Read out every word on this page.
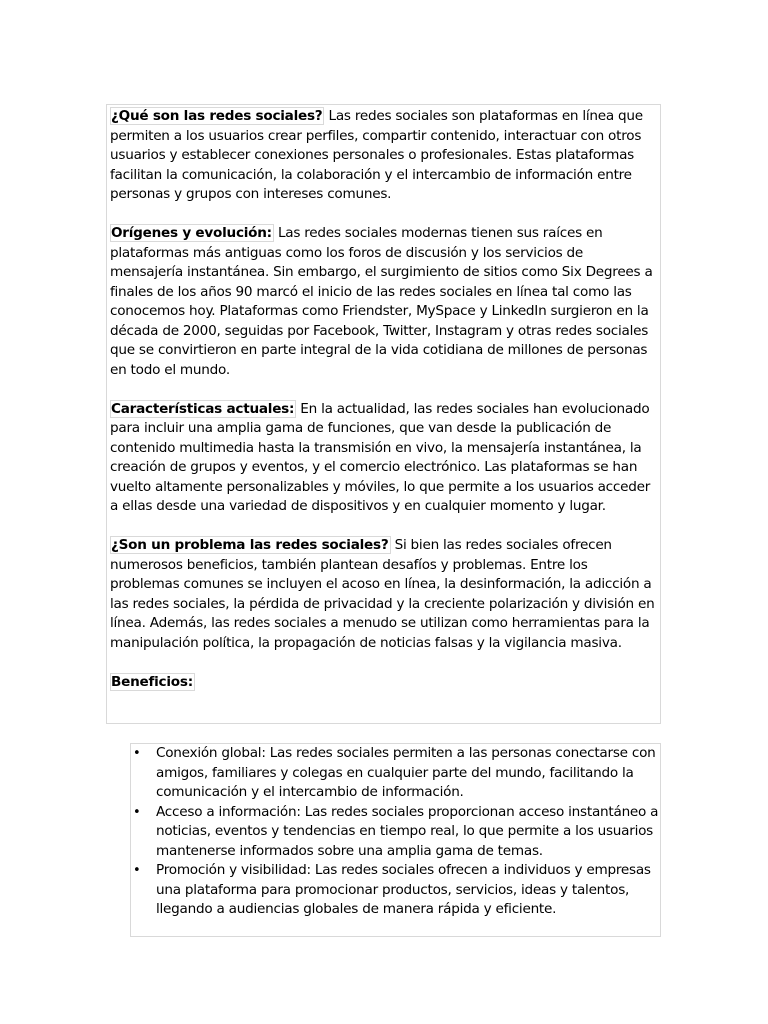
¿Qué son las redes sociales? Las redes sociales son plataformas en línea que permiten a los usuarios crear perfiles, compartir contenido, interactuar con otros usuarios y establecer conexiones personales o profesionales. Estas plataformas facilitan la comunicación, la colaboración y el intercambio de información entre personas y grupos con intereses comunes.

Orígenes y evolución: Las redes sociales modernas tienen sus raíces en plataformas más antiguas como los foros de discusión y los servicios de mensajería instantánea. Sin embargo, el surgimiento de sitios como Six Degrees a finales de los años 90 marcó el inicio de las redes sociales en línea tal como las conocemos hoy. Plataformas como Friendster, MySpace y LinkedIn surgieron en la década de 2000, seguidas por Facebook, Twitter, Instagram y otras redes sociales que se convirtieron en parte integral de la vida cotidiana de millones de personas en todo el mundo.

Características actuales: En la actualidad, las redes sociales han evolucionado para incluir una amplia gama de funciones, que van desde la publicación de contenido multimedia hasta la transmisión en vivo, la mensajería instantánea, la creación de grupos y eventos, y el comercio electrónico. Las plataformas se han vuelto altamente personalizables y móviles, lo que permite a los usuarios acceder a ellas desde una variedad de dispositivos y en cualquier momento y lugar.

¿Son un problema las redes sociales? Si bien las redes sociales ofrecen numerosos beneficios, también plantean desafíos y problemas. Entre los problemas comunes se incluyen el acoso en línea, la desinformación, la adicción a las redes sociales, la pérdida de privacidad y la creciente polarización y división en línea. Además, las redes sociales a menudo se utilizan como herramientas para la manipulación política, la propagación de noticias falsas y la vigilancia masiva.

Beneficios:

• Conexión global: Las redes sociales permiten a las personas conectarse con amigos, familiares y colegas en cualquier parte del mundo, facilitando la comunicación y el intercambio de información.
• Acceso a información: Las redes sociales proporcionan acceso instantáneo a noticias, eventos y tendencias en tiempo real, lo que permite a los usuarios mantenerse informados sobre una amplia gama de temas.
• Promoción y visibilidad: Las redes sociales ofrecen a individuos y empresas una plataforma para promocionar productos, servicios, ideas y talentos, llegando a audiencias globales de manera rápida y eficiente.
